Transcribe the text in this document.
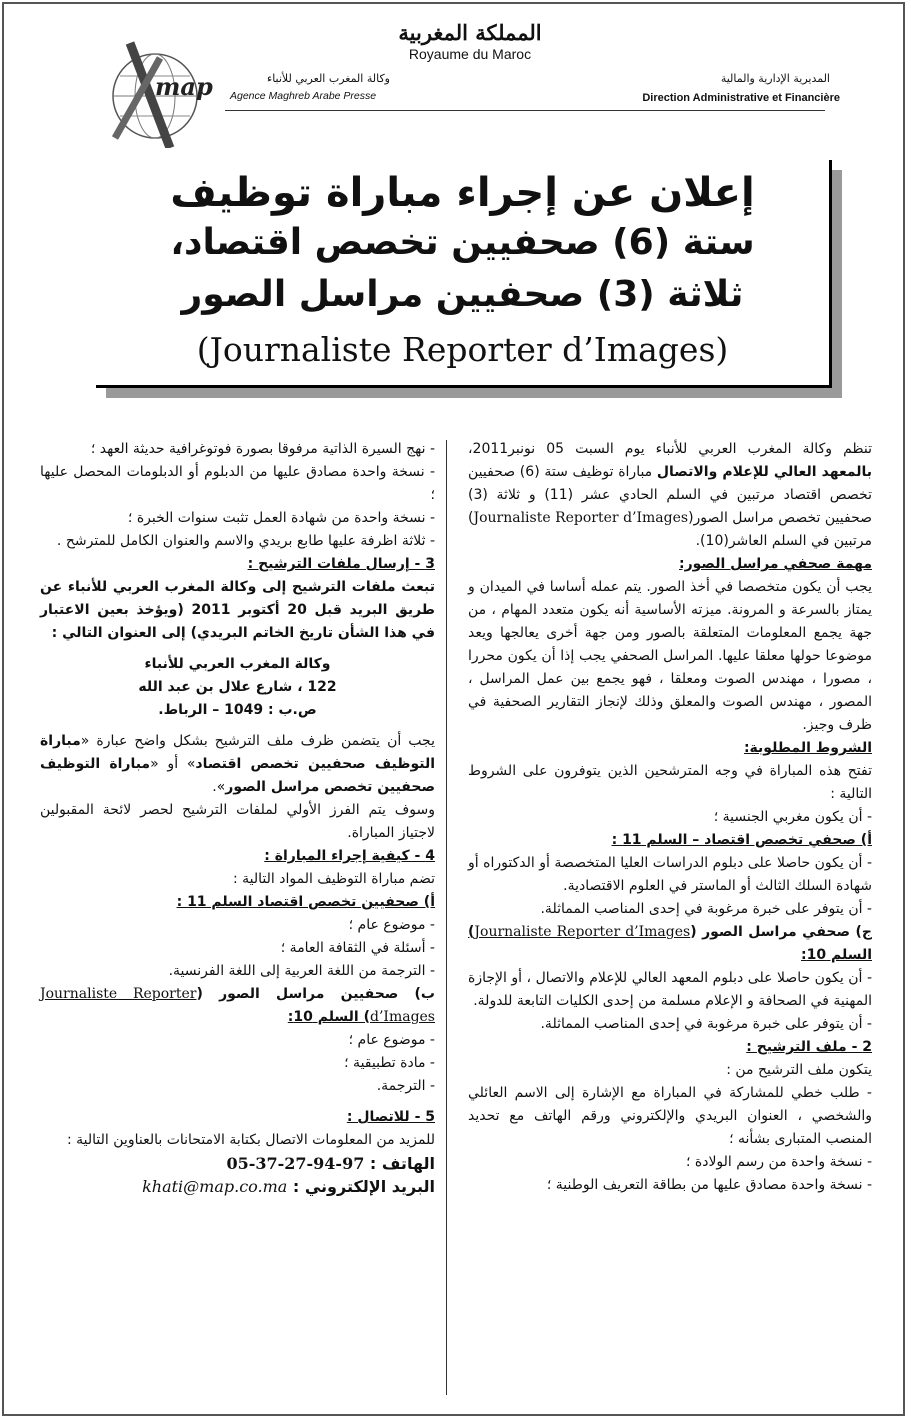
map
المملكة المغربية
Royaume du Maroc
وكالة المغرب العربي للأنباء
Agence Maghreb Arabe Presse
المديرية الإدارية والمالية
Direction Administrative et Financière
إعلان عن إجراء مباراة توظيف
ستة (6) صحفيين تخصص اقتصاد،
ثلاثة (3) صحفيين مراسل الصور
(Journaliste Reporter d’Images)

تنظم وكالة المغرب العربي للأنباء يوم السبت 05 نونبر2011، بالمعهد العالي للإعلام والاتصال مباراة توظيف ستة (6) صحفيين تخصص اقتصاد مرتبين في السلم الحادي عشر (11) و ثلاثة (3) صحفيين تخصص مراسل الصور(Journaliste Reporter d’Images) مرتبين في السلم العاشر(10).

مهمة صحفي مراسل الصور:

يجب أن يكون متخصصا في أخذ الصور. يتم عمله أساسا في الميدان و يمتاز بالسرعة و المرونة. ميزته الأساسية أنه يكون متعدد المهام ، من جهة يجمع المعلومات المتعلقة بالصور ومن جهة أخرى يعالجها ويعد موضوعا حولها معلقا عليها. المراسل الصحفي يجب إذا أن يكون محررا ، مصورا ، مهندس الصوت ومعلقا ، فهو يجمع بين عمل المراسل ، المصور ، مهندس الصوت والمعلق وذلك لإنجاز التقارير الصحفية في ظرف وجيز.

الشروط المطلوبة:

تفتح هذه المباراة في وجه المترشحين الذين يتوفرون على الشروط التالية :

- أن يكون مغربي الجنسية ؛

أ) صحفي تخصص اقتصاد – السلم 11 :

- أن يكون حاصلا على دبلوم الدراسات العليا المتخصصة أو الدكتوراه أو شهادة السلك الثالث أو الماستر في العلوم الاقتصادية.

- أن يتوفر على خبرة مرغوبة في إحدى المناصب المماثلة.

ج) صحفي مراسل الصور (Journaliste Reporter d’Images) السلم 10:

- أن يكون حاصلا على دبلوم المعهد العالي للإعلام والاتصال ، أو الإجازة المهنية في الصحافة و الإعلام مسلمة من إحدى الكليات التابعة للدولة.

- أن يتوفر على خبرة مرغوبة في إحدى المناصب المماثلة.

2 - ملف الترشيح :

يتكون ملف الترشيح من :

- طلب خطي للمشاركة في المباراة مع الإشارة إلى الاسم العائلي والشخصي ، العنوان البريدي والإلكتروني ورقم الهاتف مع تحديد المنصب المتبارى بشأنه ؛

- نسخة واحدة من رسم الولادة ؛

- نسخة واحدة مصادق عليها من بطاقة التعريف الوطنية ؛

- نهج السيرة الذاتية مرفوقا بصورة فوتوغرافية حديثة العهد ؛

- نسخة واحدة مصادق عليها من الدبلوم أو الدبلومات المحصل عليها ؛

- نسخة واحدة من شهادة العمل تثبت سنوات الخبرة ؛

- ثلاثة اظرفة عليها طابع بريدي والاسم والعنوان الكامل للمترشح .

3 - إرسال ملفات الترشيح :

تبعث ملفات الترشيح إلى وكالة المغرب العربي للأنباء عن طريق البريد قبل 20 أكتوبر 2011 (ويؤخذ بعين الاعتبار في هذا الشأن تاريخ الخاتم البريدي) إلى العنوان التالي :

وكالة المغرب العربي للأنباء

122 ، شارع علال بن عبد الله

ص.ب : 1049 – الرباط.

يجب أن يتضمن ظرف ملف الترشيح بشكل واضح عبارة «مباراة التوظيف صحفيين تخصص اقتصاد» أو «مباراة التوظيف صحفيين تخصص مراسل الصور».

وسوف يتم الفرز الأولي لملفات الترشيح لحصر لائحة المقبولين لاجتياز المباراة.

4 - كيفية إجراء المباراة :

تضم مباراة التوظيف المواد التالية :

أ) صحفيين تخصص اقتصاد السلم 11 :

- موضوع عام ؛

- أسئلة في الثقافة العامة ؛

- الترجمة من اللغة العربية إلى اللغة الفرنسية.

ب) صحفيين مراسل الصور (Journaliste Reporter d’Images) السلم 10:

- موضوع عام ؛

- مادة تطبيقية ؛

- الترجمة.

5 - للاتصال :

للمزيد من المعلومات الاتصال بكتابة الامتحانات بالعناوين التالية :

الهاتف : 05-37-27-94-97

البريد الإلكتروني : khati@map.co.ma
